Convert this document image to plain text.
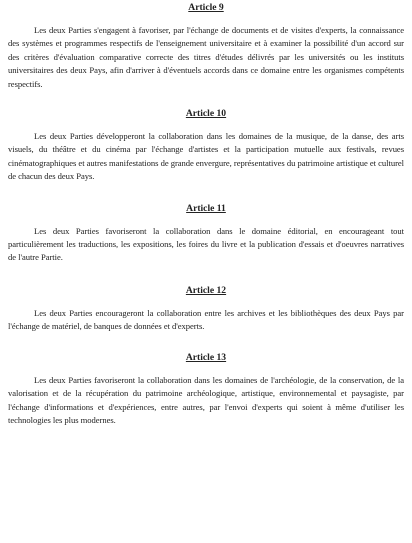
Article 9

Les deux Parties s'engagent à favoriser, par l'échange de documents et de visites d'experts, la connaissance des systèmes et programmes respectifs de l'enseignement universitaire et à examiner la possibilité d'un accord sur des critères d'évaluation comparative correcte des titres d'études délivrés par les universités ou les instituts universitaires des deux Pays, afin d'arriver à d'éventuels accords dans ce domaine entre les organismes compétents respectifs.

Article 10

Les deux Parties développeront la collaboration dans les domaines de la musique, de la danse, des arts visuels, du théâtre et du cinéma par l'échange d'artistes et la participation mutuelle aux festivals, revues cinématographiques et autres manifestations de grande envergure, représentatives du patrimoine artistique et culturel de chacun des deux Pays.

Article 11

Les deux Parties favoriseront la collaboration dans le domaine éditorial, en encourageant tout particulièrement les traductions, les expositions, les foires du livre et la publication d'essais et d'oeuvres narratives de l'autre Partie.

Article 12

Les deux Parties encourageront la collaboration entre les archives et les bibliothèques des deux Pays par l'échange de matériel, de banques de données et d'experts.

Article 13

Les deux Parties favoriseront la collaboration dans les domaines de l'archéologie, de la conservation, de la valorisation et de la récupération du patrimoine archéologique, artistique, environnemental et paysagiste, par l'échange d'informations et d'expériences, entre autres, par l'envoi d'experts qui soient à même d'utiliser les technologies les plus modernes.
